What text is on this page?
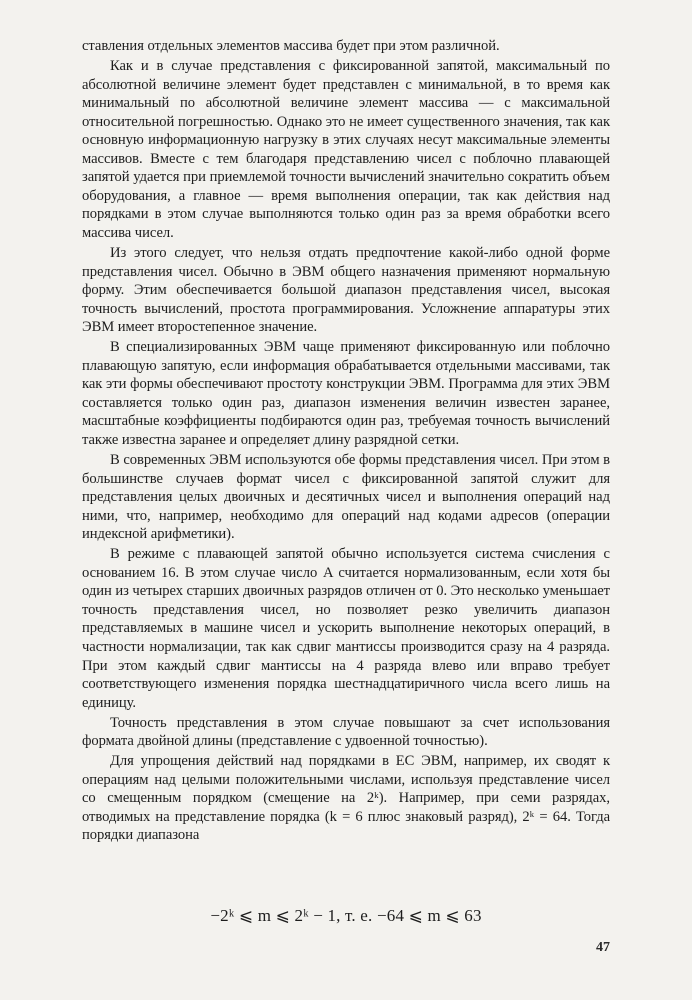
ставления отдельных элементов массива будет при этом различной.

Как и в случае представления с фиксированной запятой, максимальный по абсолютной величине элемент будет представлен с минимальной, в то время как минимальный по абсолютной величине элемент массива — с максимальной относительной погрешностью. Однако это не имеет существенного значения, так как основную информационную нагрузку в этих случаях несут максимальные элементы массивов. Вместе с тем благодаря представлению чисел с поблочно плавающей запятой удается при приемлемой точности вычислений значительно сократить объем оборудования, а главное — время выполнения операции, так как действия над порядками в этом случае выполняются только один раз за время обработки всего массива чисел.

Из этого следует, что нельзя отдать предпочтение какой-либо одной форме представления чисел. Обычно в ЭВМ общего назначения применяют нормальную форму. Этим обеспечивается большой диапазон представления чисел, высокая точность вычислений, простота программирования. Усложнение аппаратуры этих ЭВМ имеет второстепенное значение.

В специализированных ЭВМ чаще применяют фиксированную или поблочно плавающую запятую, если информация обрабатывается отдельными массивами, так как эти формы обеспечивают простоту конструкции ЭВМ. Программа для этих ЭВМ составляется только один раз, диапазон изменения величин известен заранее, масштабные коэффициенты подбираются один раз, требуемая точность вычислений также известна заранее и определяет длину разрядной сетки.

В современных ЭВМ используются обе формы представления чисел. При этом в большинстве случаев формат чисел с фиксированной запятой служит для представления целых двоичных и десятичных чисел и выполнения операций над ними, что, например, необходимо для операций над кодами адресов (операции индексной арифметики).

В режиме с плавающей запятой обычно используется система счисления с основанием 16. В этом случае число A считается нормализованным, если хотя бы один из четырех старших двоичных разрядов отличен от 0. Это несколько уменьшает точность представления чисел, но позволяет резко увеличить диапазон представляемых в машине чисел и ускорить выполнение некоторых операций, в частности нормализации, так как сдвиг мантиссы производится сразу на 4 разряда. При этом каждый сдвиг мантиссы на 4 разряда влево или вправо требует соответствующего изменения порядка шестнадцатиричного числа всего лишь на единицу.

Точность представления в этом случае повышают за счет использования формата двойной длины (представление с удвоенной точностью).

Для упрощения действий над порядками в ЕС ЭВМ, например, их сводят к операциям над целыми положительными числами, используя представление чисел со смещенным порядком (смещение на 2ᵏ). Например, при семи разрядах, отводимых на представление порядка (k = 6 плюс знаковый разряд), 2ᵏ = 64. Тогда порядки диапазона

−2ᵏ ⩽ m ⩽ 2ᵏ − 1, т. е. −64 ⩽ m ⩽ 63
47
